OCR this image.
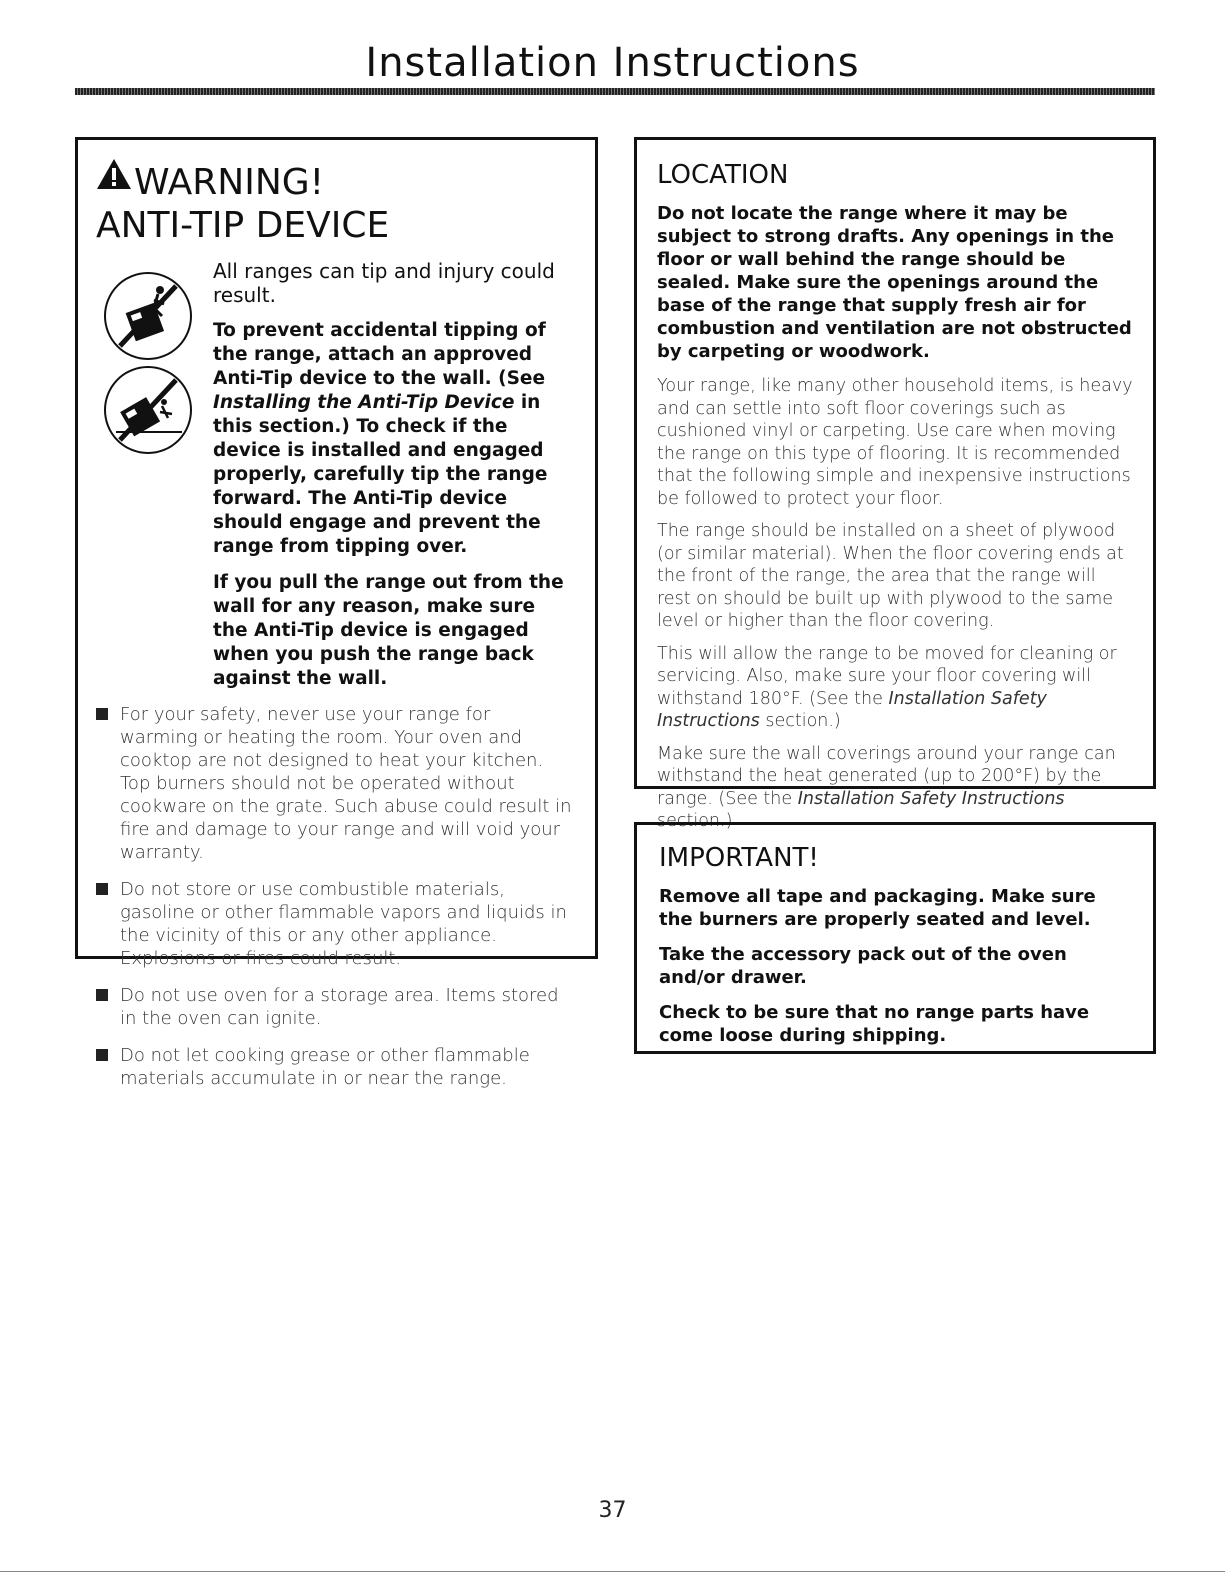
Installation Instructions
WARNING!
ANTI-TIP DEVICE
All ranges can tip and injury could result.

To prevent accidental tipping of the range, attach an approved Anti-Tip device to the wall. (See Installing the Anti-Tip Device in this section.) To check if the device is installed and engaged properly, carefully tip the range forward. The Anti-Tip device should engage and prevent the range from tipping over.

If you pull the range out from the wall for any reason, make sure the Anti-Tip device is engaged when you push the range back against the wall.

For your safety, never use your range for warming or heating the room. Your oven and cooktop are not designed to heat your kitchen. Top burners should not be operated without cookware on the grate. Such abuse could result in fire and damage to your range and will void your warranty.
Do not store or use combustible materials, gasoline or other flammable vapors and liquids in the vicinity of this or any other appliance. Explosions or fires could result.
Do not use oven for a storage area. Items stored in the oven can ignite.
Do not let cooking grease or other flammable materials accumulate in or near the range.
LOCATION

Do not locate the range where it may be subject to strong drafts. Any openings in the floor or wall behind the range should be sealed. Make sure the openings around the base of the range that supply fresh air for combustion and ventilation are not obstructed by carpeting or woodwork.

Your range, like many other household items, is heavy and can settle into soft floor coverings such as cushioned vinyl or carpeting. Use care when moving the range on this type of flooring. It is recommended that the following simple and inexpensive instructions be followed to protect your floor.

The range should be installed on a sheet of plywood (or similar material). When the floor covering ends at the front of the range, the area that the range will rest on should be built up with plywood to the same level or higher than the floor covering.

This will allow the range to be moved for cleaning or servicing. Also, make sure your floor covering will withstand 180°F. (See the Installation Safety Instructions section.)

Make sure the wall coverings around your range can withstand the heat generated (up to 200°F) by the range. (See the Installation Safety Instructions section.)

IMPORTANT!

Remove all tape and packaging. Make sure the burners are properly seated and level.

Take the accessory pack out of the oven and/or drawer.

Check to be sure that no range parts have come loose during shipping.

37
